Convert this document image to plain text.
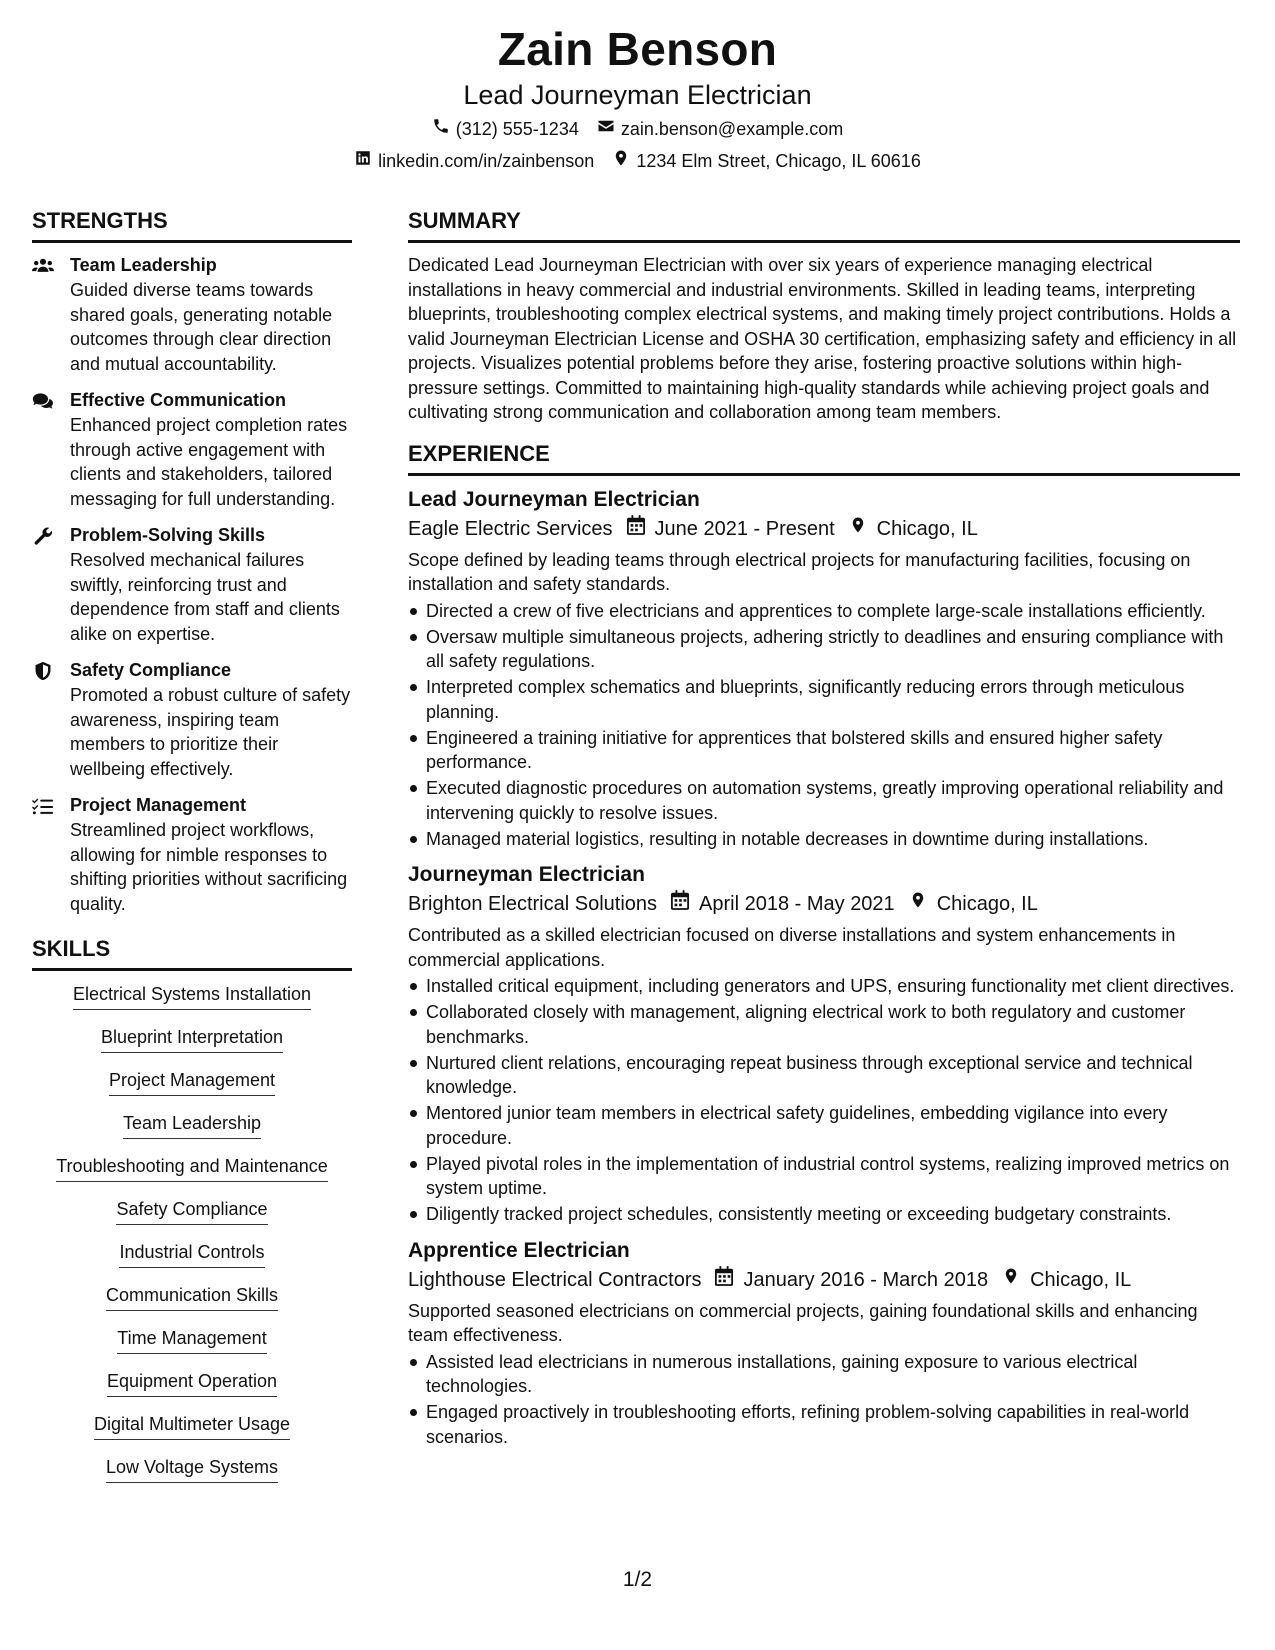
Zain Benson
Lead Journeyman Electrician
(312) 555-1234 zain.benson@example.com
linkedin.com/in/zainbenson 1234 Elm Street, Chicago, IL 60616
STRENGTHS
Team Leadership
Guided diverse teams towards shared goals, generating notable outcomes through clear direction and mutual accountability.
Effective Communication
Enhanced project completion rates through active engagement with clients and stakeholders, tailored messaging for full understanding.
Problem-Solving Skills
Resolved mechanical failures swiftly, reinforcing trust and dependence from staff and clients alike on expertise.
Safety Compliance
Promoted a robust culture of safety awareness, inspiring team members to prioritize their wellbeing effectively.
Project Management
Streamlined project workflows, allowing for nimble responses to shifting priorities without sacrificing quality.
SKILLS
Electrical Systems Installation
Blueprint Interpretation
Project Management
Team Leadership
Troubleshooting and Maintenance
Safety Compliance
Industrial Controls
Communication Skills
Time Management
Equipment Operation
Digital Multimeter Usage
Low Voltage Systems
SUMMARY
Dedicated Lead Journeyman Electrician with over six years of experience managing electrical installations in heavy commercial and industrial environments. Skilled in leading teams, interpreting blueprints, troubleshooting complex electrical systems, and making timely project contributions. Holds a valid Journeyman Electrician License and OSHA 30 certification, emphasizing safety and efficiency in all projects. Visualizes potential problems before they arise, fostering proactive solutions within high-pressure settings. Committed to maintaining high-quality standards while achieving project goals and cultivating strong communication and collaboration among team members.
EXPERIENCE
Lead Journeyman Electrician
Eagle Electric Services June 2021 - Present Chicago, IL
Scope defined by leading teams through electrical projects for manufacturing facilities, focusing on installation and safety standards.
Directed a crew of five electricians and apprentices to complete large-scale installations efficiently.
Oversaw multiple simultaneous projects, adhering strictly to deadlines and ensuring compliance with all safety regulations.
Interpreted complex schematics and blueprints, significantly reducing errors through meticulous planning.
Engineered a training initiative for apprentices that bolstered skills and ensured higher safety performance.
Executed diagnostic procedures on automation systems, greatly improving operational reliability and intervening quickly to resolve issues.
Managed material logistics, resulting in notable decreases in downtime during installations.
Journeyman Electrician
Brighton Electrical Solutions April 2018 - May 2021 Chicago, IL
Contributed as a skilled electrician focused on diverse installations and system enhancements in commercial applications.
Installed critical equipment, including generators and UPS, ensuring functionality met client directives.
Collaborated closely with management, aligning electrical work to both regulatory and customer benchmarks.
Nurtured client relations, encouraging repeat business through exceptional service and technical knowledge.
Mentored junior team members in electrical safety guidelines, embedding vigilance into every procedure.
Played pivotal roles in the implementation of industrial control systems, realizing improved metrics on system uptime.
Diligently tracked project schedules, consistently meeting or exceeding budgetary constraints.
Apprentice Electrician
Lighthouse Electrical Contractors January 2016 - March 2018 Chicago, IL
Supported seasoned electricians on commercial projects, gaining foundational skills and enhancing team effectiveness.
Assisted lead electricians in numerous installations, gaining exposure to various electrical technologies.
Engaged proactively in troubleshooting efforts, refining problem-solving capabilities in real-world scenarios.
1/2
